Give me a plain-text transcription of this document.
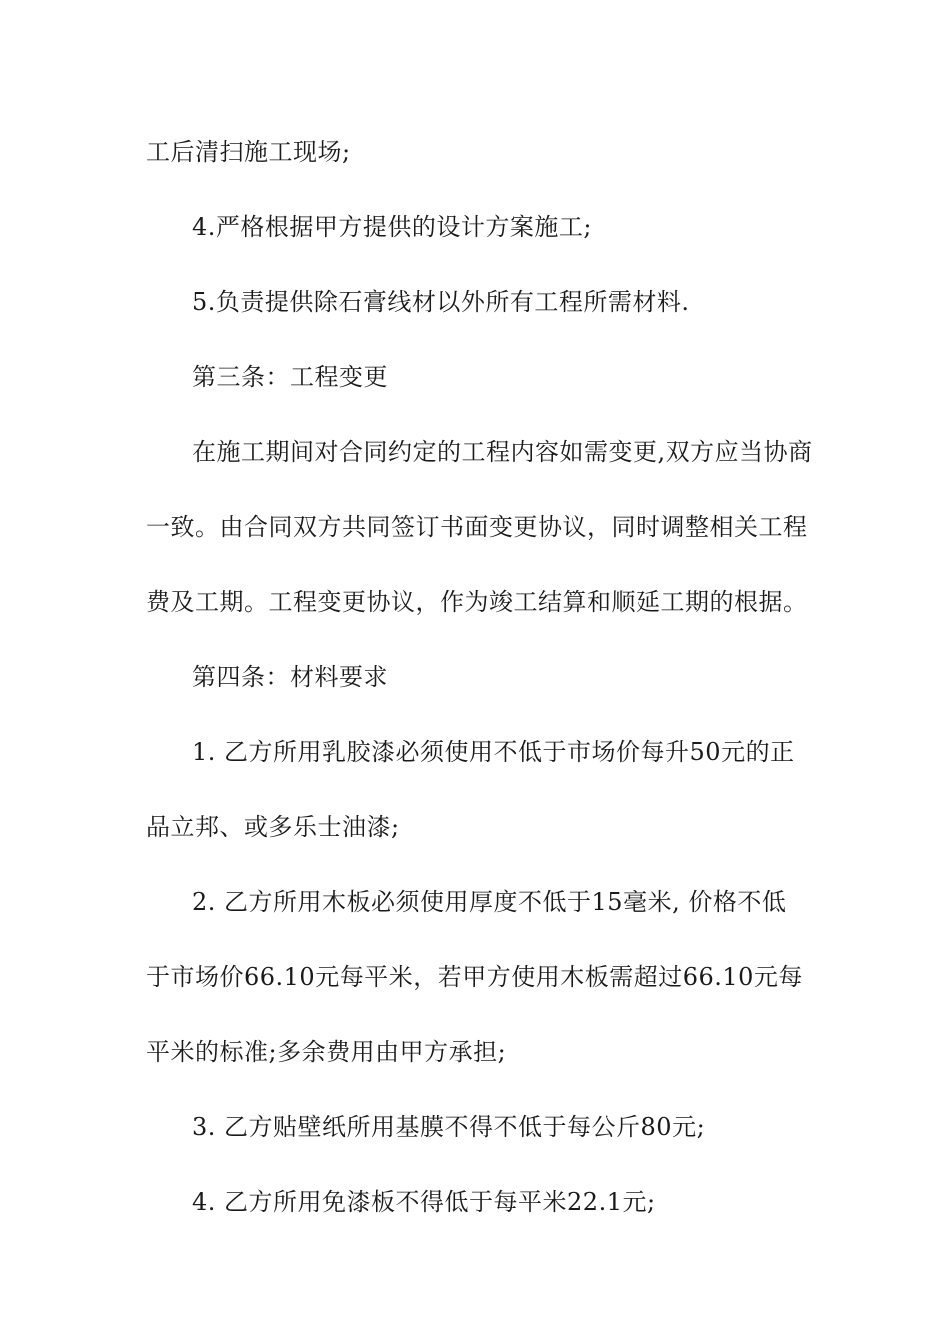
工后清扫施工现场;
4.严格根据甲方提供的设计方案施工;
5.负责提供除石膏线材以外所有工程所需材料.
第三条：工程变更
在施工期间对合同约定的工程内容如需变更,双方应当协商
一致。由合同双方共同签订书面变更协议，同时调整相关工程
费及工期。工程变更协议，作为竣工结算和顺延工期的根据。
第四条：材料要求
1. 乙方所用乳胶漆必须使用不低于市场价每升50元的正
品立邦、或多乐士油漆;
2. 乙方所用木板必须使用厚度不低于15毫米, 价格不低
于市场价66.10元每平米，若甲方使用木板需超过66.10元每
平米的标准;多余费用由甲方承担;
3. 乙方贴壁纸所用基膜不得不低于每公斤80元;
4. 乙方所用免漆板不得低于每平米22.1元;
